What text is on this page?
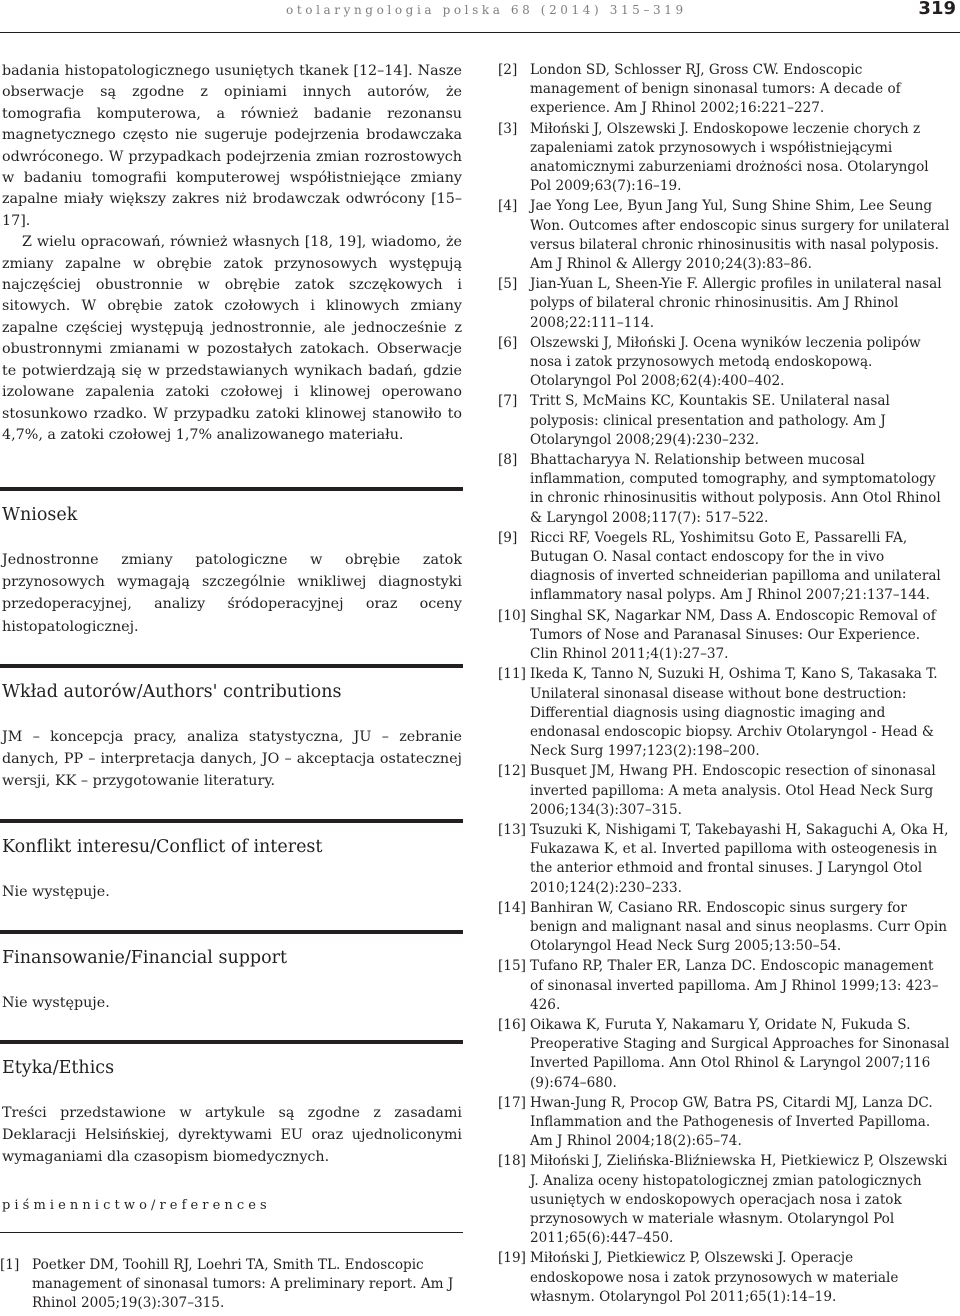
otolaryngologia polska 68 (2014) 315–319	319

badania histopatologicznego usuniętych tkanek [12–14]. Nasze obserwacje są zgodne z opiniami innych autorów, że tomografia komputerowa, a również badanie rezonansu magnetycznego często nie sugeruje podejrzenia brodawczaka odwróconego. W przypadkach podejrzenia zmian rozrostowych w badaniu tomografii komputerowej współistniejące zmiany zapalne miały większy zakres niż brodawczak odwrócony [15–17].

Z wielu opracowań, również własnych [18, 19], wiadomo, że zmiany zapalne w obrębie zatok przynosowych występują najczęściej obustronnie w obrębie zatok szczękowych i sitowych. W obrębie zatok czołowych i klinowych zmiany zapalne częściej występują jednostronnie, ale jednocześnie z obustronnymi zmianami w pozostałych zatokach. Obserwacje te potwierdzają się w przedstawianych wynikach badań, gdzie izolowane zapalenia zatoki czołowej i klinowej operowano stosunkowo rzadko. W przypadku zatoki klinowej stanowiło to 4,7%, a zatoki czołowej 1,7% analizowanego materiału.

Wniosek
Jednostronne zmiany patologiczne w obrębie zatok przynosowych wymagają szczególnie wnikliwej diagnostyki przedoperacyjnej, analizy śródoperacyjnej oraz oceny histopatologicznej.
Wkład autorów/Authors' contributions
JM – koncepcja pracy, analiza statystyczna, JU – zebranie danych, PP – interpretacja danych, JO – akceptacja ostatecznej wersji, KK – przygotowanie literatury.
Konflikt interesu/Conflict of interest
Nie występuje.
Finansowanie/Financial support
Nie występuje.
Etyka/Ethics
Treści przedstawione w artykule są zgodne z zasadami Deklaracji Helsińskiej, dyrektywami EU oraz ujednoliconymi wymaganiami dla czasopism biomedycznych.
piśmiennictwo/references
[1] Poetker DM, Toohill RJ, Loehri TA, Smith TL. Endoscopic management of sinonasal tumors: A preliminary report. Am J Rhinol 2005;19(3):307–315.
[2] London SD, Schlosser RJ, Gross CW. Endoscopic management of benign sinonasal tumors: A decade of experience. Am J Rhinol 2002;16:221–227.
[3] Miłoński J, Olszewski J. Endoskopowe leczenie chorych z zapaleniami zatok przynosowych i współistniejącymi anatomicznymi zaburzeniami drożności nosa. Otolaryngol Pol 2009;63(7):16–19.
[4] Jae Yong Lee, Byun Jang Yul, Sung Shine Shim, Lee Seung Won. Outcomes after endoscopic sinus surgery for unilateral versus bilateral chronic rhinosinusitis with nasal polyposis. Am J Rhinol & Allergy 2010;24(3):83–86.
[5] Jian-Yuan L, Sheen-Yie F. Allergic profiles in unilateral nasal polyps of bilateral chronic rhinosinusitis. Am J Rhinol 2008;22:111–114.
[6] Olszewski J, Miłoński J. Ocena wyników leczenia polipów nosa i zatok przynosowych metodą endoskopową. Otolaryngol Pol 2008;62(4):400–402.
[7] Tritt S, McMains KC, Kountakis SE. Unilateral nasal polyposis: clinical presentation and pathology. Am J Otolaryngol 2008;29(4):230–232.
[8] Bhattacharyya N. Relationship between mucosal inflammation, computed tomography, and symptomatology in chronic rhinosinusitis without polyposis. Ann Otol Rhinol & Laryngol 2008;117(7): 517–522.
[9] Ricci RF, Voegels RL, Yoshimitsu Goto E, Passarelli FA, Butugan O. Nasal contact endoscopy for the in vivo diagnosis of inverted schneiderian papilloma and unilateral inflammatory nasal polyps. Am J Rhinol 2007;21:137–144.
[10] Singhal SK, Nagarkar NM, Dass A. Endoscopic Removal of Tumors of Nose and Paranasal Sinuses: Our Experience. Clin Rhinol 2011;4(1):27–37.
[11] Ikeda K, Tanno N, Suzuki H, Oshima T, Kano S, Takasaka T. Unilateral sinonasal disease without bone destruction: Differential diagnosis using diagnostic imaging and endonasal endoscopic biopsy. Archiv Otolaryngol - Head & Neck Surg 1997;123(2):198–200.
[12] Busquet JM, Hwang PH. Endoscopic resection of sinonasal inverted papilloma: A meta analysis. Otol Head Neck Surg 2006;134(3):307–315.
[13] Tsuzuki K, Nishigami T, Takebayashi H, Sakaguchi A, Oka H, Fukazawa K, et al. Inverted papilloma with osteogenesis in the anterior ethmoid and frontal sinuses. J Laryngol Otol 2010;124(2):230–233.
[14] Banhiran W, Casiano RR. Endoscopic sinus surgery for benign and malignant nasal and sinus neoplasms. Curr Opin Otolaryngol Head Neck Surg 2005;13:50–54.
[15] Tufano RP, Thaler ER, Lanza DC. Endoscopic management of sinonasal inverted papilloma. Am J Rhinol 1999;13: 423–426.
[16] Oikawa K, Furuta Y, Nakamaru Y, Oridate N, Fukuda S. Preoperative Staging and Surgical Approaches for Sinonasal Inverted Papilloma. Ann Otol Rhinol & Laryngol 2007;116 (9):674–680.
[17] Hwan-Jung R, Procop GW, Batra PS, Citardi MJ, Lanza DC. Inflammation and the Pathogenesis of Inverted Papilloma. Am J Rhinol 2004;18(2):65–74.
[18] Miłoński J, Zielińska-Bliźniewska H, Pietkiewicz P, Olszewski J. Analiza oceny histopatologicznej zmian patologicznych usuniętych w endoskopowych operacjach nosa i zatok przynosowych w materiale własnym. Otolaryngol Pol 2011;65(6):447–450.
[19] Miłoński J, Pietkiewicz P, Olszewski J. Operacje endoskopowe nosa i zatok przynosowych w materiale własnym. Otolaryngol Pol 2011;65(1):14–19.
